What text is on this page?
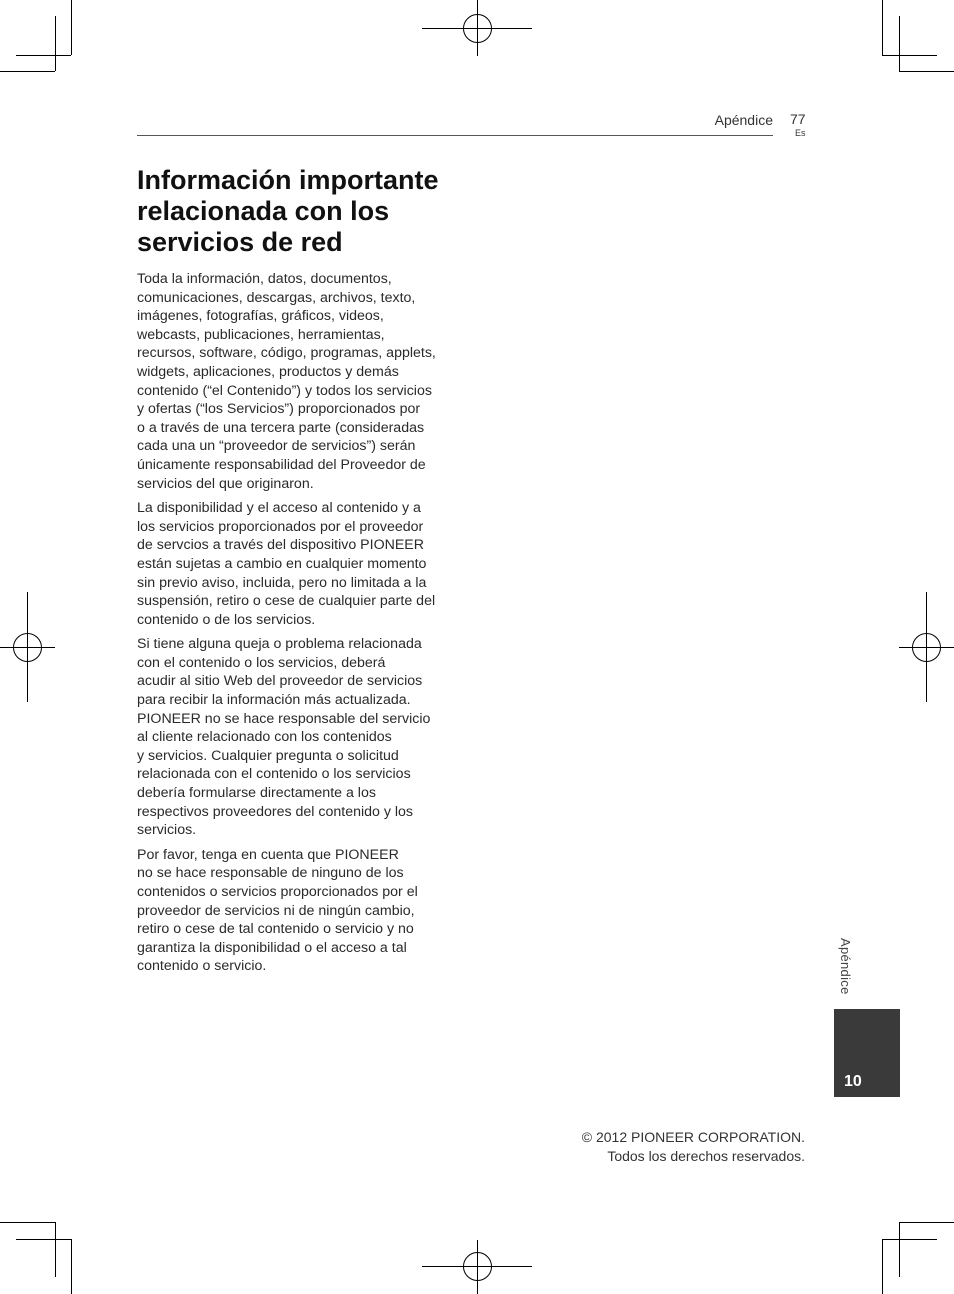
Apéndice 77
Es
Información importante relacionada con los servicios de red

Toda la información, datos, documentos,
comunicaciones, descargas, archivos, texto,
imágenes, fotografías, gráficos, videos,
webcasts, publicaciones, herramientas,
recursos, software, código, programas, applets,
widgets, aplicaciones, productos y demás
contenido (“el Contenido”) y todos los servicios
y ofertas (“los Servicios”) proporcionados por
o a través de una tercera parte (consideradas
cada una un “proveedor de servicios”) serán
únicamente responsabilidad del Proveedor de
servicios del que originaron.

La disponibilidad y el acceso al contenido y a
los servicios proporcionados por el proveedor
de servcios a través del dispositivo PIONEER
están sujetas a cambio en cualquier momento
sin previo aviso, incluida, pero no limitada a la
suspensión, retiro o cese de cualquier parte del
contenido o de los servicios.

Si tiene alguna queja o problema relacionada
con el contenido o los servicios, deberá
acudir al sitio Web del proveedor de servicios
para recibir la información más actualizada.
PIONEER no se hace responsable del servicio
al cliente relacionado con los contenidos
y servicios. Cualquier pregunta o solicitud
relacionada con el contenido o los servicios
debería formularse directamente a los
respectivos proveedores del contenido y los
servicios.

Por favor, tenga en cuenta que PIONEER
no se hace responsable de ninguno de los
contenidos o servicios proporcionados por el
proveedor de servicios ni de ningún cambio,
retiro o cese de tal contenido o servicio y no
garantiza la disponibilidad o el acceso a tal
contenido o servicio.	Apéndice
10
© 2012 PIONEER CORPORATION.
Todos los derechos reservados.
